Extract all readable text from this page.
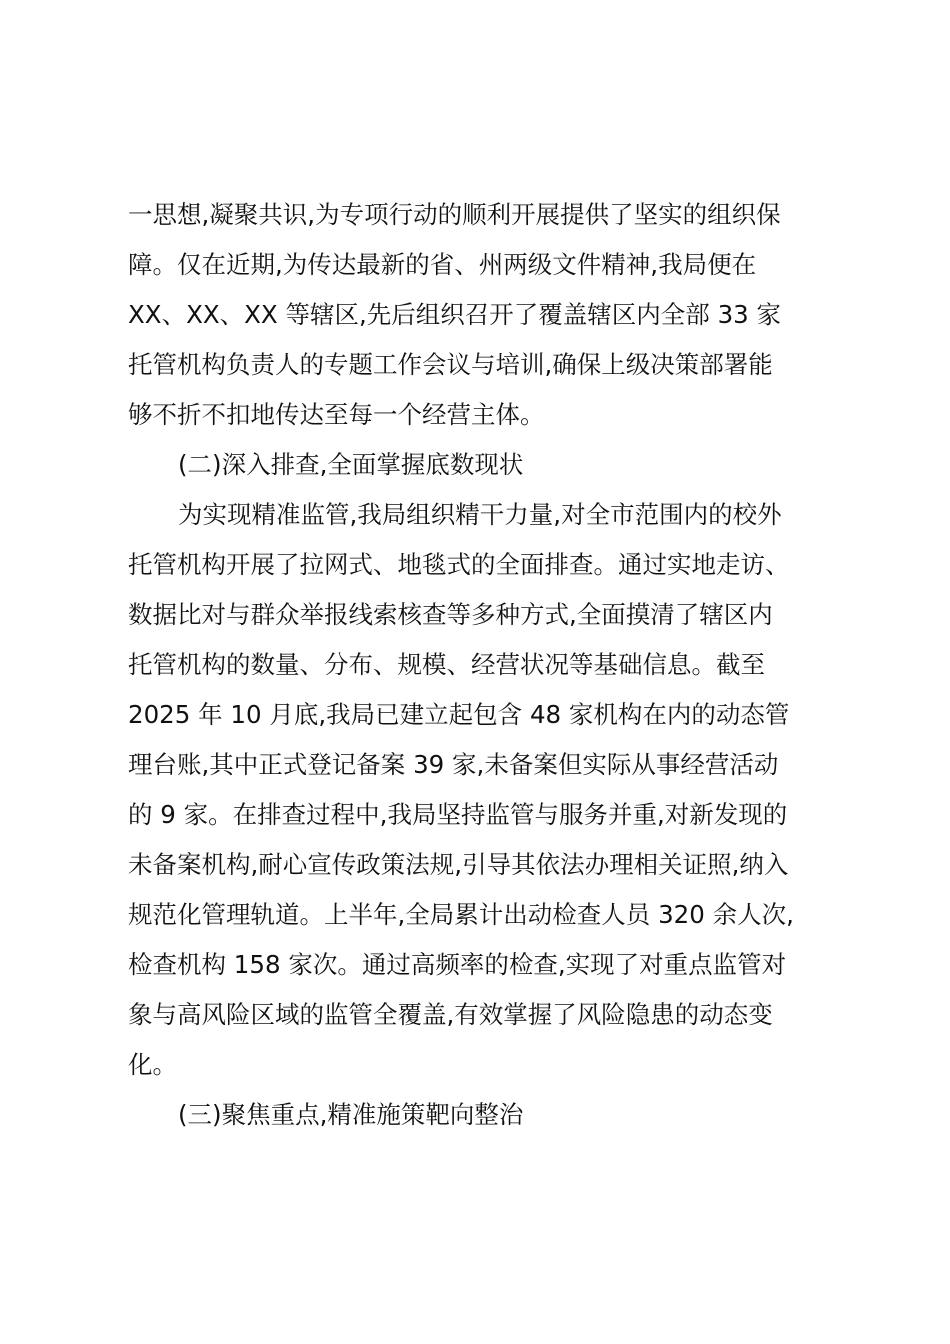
一思想,凝聚共识,为专项行动的顺利开展提供了坚实的组织保
障。仅在近期,为传达最新的省、州两级文件精神,我局便在
XX、XX、XX 等辖区,先后组织召开了覆盖辖区内全部 33 家
托管机构负责人的专题工作会议与培训,确保上级决策部署能
够不折不扣地传达至每一个经营主体。
(二)深入排查,全面掌握底数现状
为实现精准监管,我局组织精干力量,对全市范围内的校外
托管机构开展了拉网式、地毯式的全面排查。通过实地走访、
数据比对与群众举报线索核查等多种方式,全面摸清了辖区内
托管机构的数量、分布、规模、经营状况等基础信息。截至
2025 年 10 月底,我局已建立起包含 48 家机构在内的动态管
理台账,其中正式登记备案 39 家,未备案但实际从事经营活动
的 9 家。在排查过程中,我局坚持监管与服务并重,对新发现的
未备案机构,耐心宣传政策法规,引导其依法办理相关证照,纳入
规范化管理轨道。上半年,全局累计出动检查人员 320 余人次,
检查机构 158 家次。通过高频率的检查,实现了对重点监管对
象与高风险区域的监管全覆盖,有效掌握了风险隐患的动态变
化。
(三)聚焦重点,精准施策靶向整治
